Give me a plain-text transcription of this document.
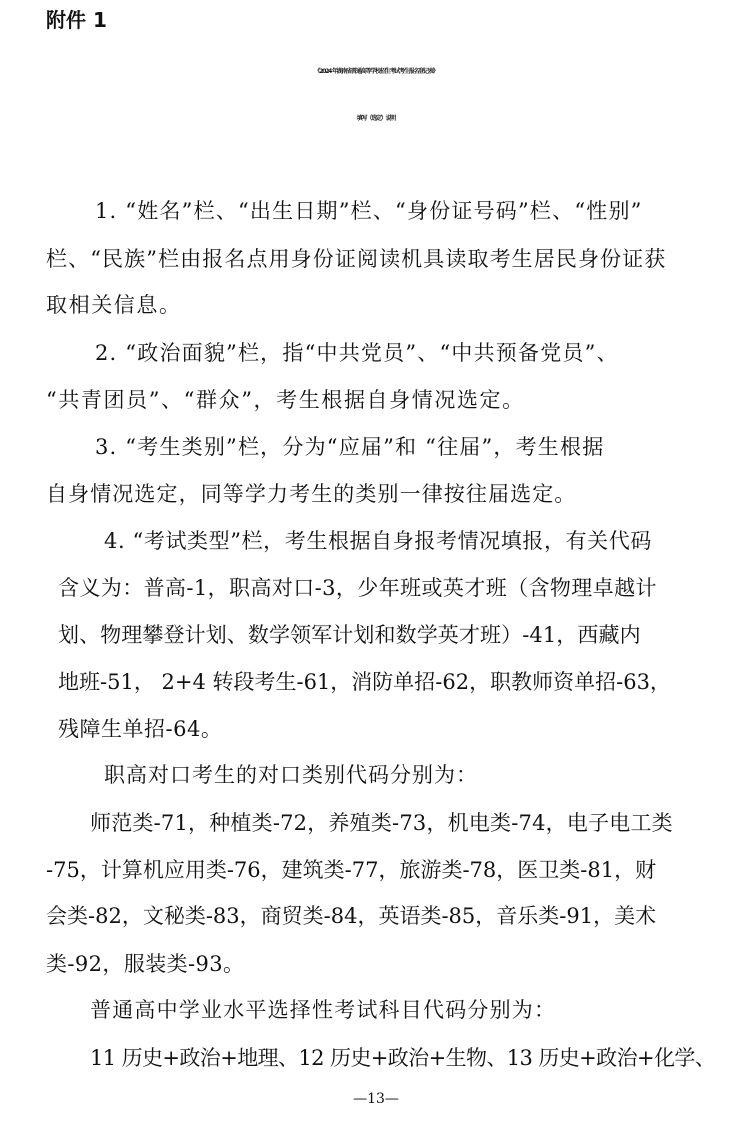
附件 1

《2024 年湖南省普通高等学校招生考试考生报名登记表》
填写（选定）说明

1. “姓名”栏、“出生日期”栏、“身份证号码”栏、“性别”

栏、“民族”栏由报名点用身份证阅读机具读取考生居民身份证获

取相关信息。

2. “政治面貌”栏，指“中共党员”、“中共预备党员”、

“共青团员”、“群众”，考生根据自身情况选定。

3. “考生类别”栏，分为“应届”和 “往届”，考生根据

自身情况选定，同等学力考生的类别一律按往届选定。

4. “考试类型”栏，考生根据自身报考情况填报，有关代码

含义为：普高-1，职高对口-3，少年班或英才班（含物理卓越计

划、物理攀登计划、数学领军计划和数学英才班）-41，西藏内

地班-51， 2+4 转段考生-61，消防单招-62，职教师资单招-63，

残障生单招-64。

职高对口考生的对口类别代码分别为：

师范类-71，种植类-72，养殖类-73，机电类-74，电子电工类

-75，计算机应用类-76，建筑类-77，旅游类-78，医卫类-81，财

会类-82，文秘类-83，商贸类-84，英语类-85，音乐类-91，美术

类-92，服装类-93。

普通高中学业水平选择性考试科目代码分别为：

11 历史+政治+地理、12 历史+政治+生物、13 历史+政治+化学、

—13—
